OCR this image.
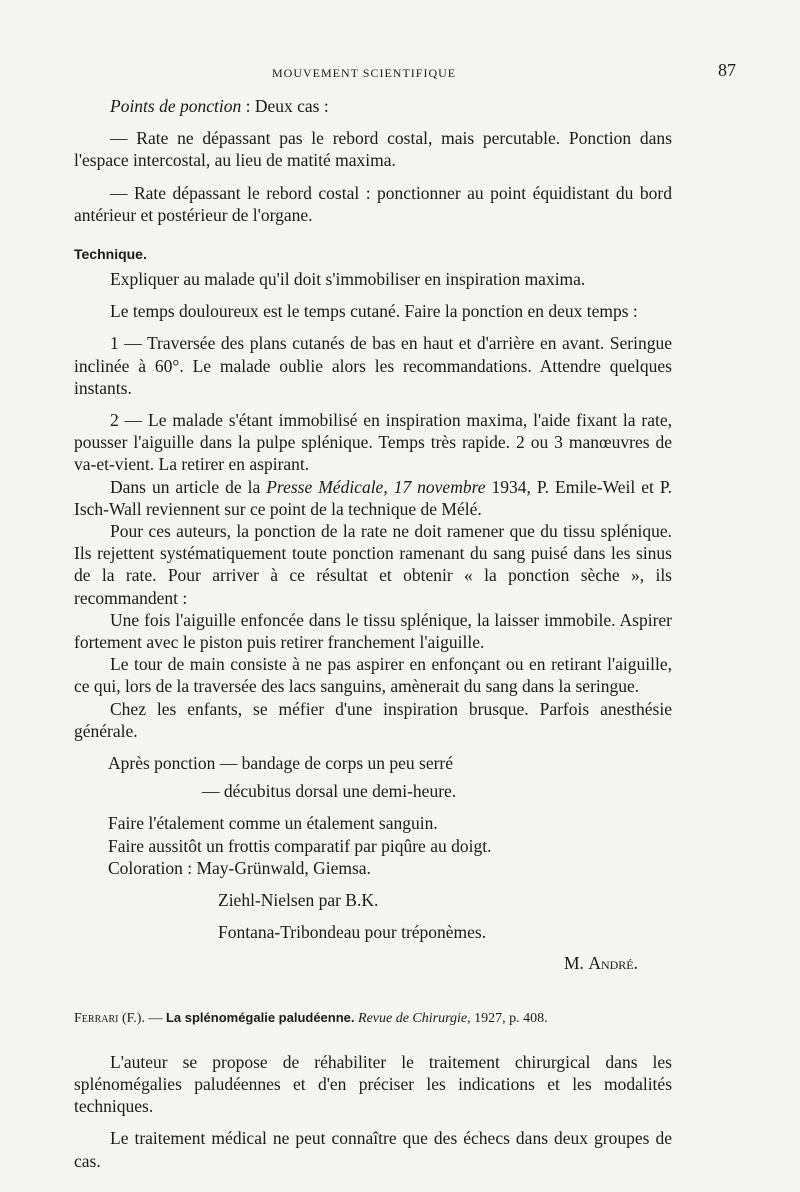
MOUVEMENT SCIENTIFIQUE	87

Points de ponction : Deux cas :

— Rate ne dépassant pas le rebord costal, mais percutable. Ponction dans l'espace intercostal, au lieu de matité maxima.

— Rate dépassant le rebord costal : ponctionner au point équidistant du bord antérieur et postérieur de l'organe.

Technique.

Expliquer au malade qu'il doit s'immobiliser en inspiration maxima.

Le temps douloureux est le temps cutané. Faire la ponction en deux temps :

1 — Traversée des plans cutanés de bas en haut et d'arrière en avant. Seringue inclinée à 60°. Le malade oublie alors les recommandations. Attendre quelques instants.

2 — Le malade s'étant immobilisé en inspiration maxima, l'aide fixant la rate, pousser l'aiguille dans la pulpe splénique. Temps très rapide. 2 ou 3 manœuvres de va-et-vient. La retirer en aspirant.

Dans un article de la Presse Médicale, 17 novembre 1934, P. Emile-Weil et P. Isch-Wall reviennent sur ce point de la technique de Mélé.

Pour ces auteurs, la ponction de la rate ne doit ramener que du tissu splénique. Ils rejettent systématiquement toute ponction ramenant du sang puisé dans les sinus de la rate. Pour arriver à ce résultat et obtenir « la ponction sèche », ils recommandent :

Une fois l'aiguille enfoncée dans le tissu splénique, la laisser immobile. Aspirer fortement avec le piston puis retirer franchement l'aiguille.

Le tour de main consiste à ne pas aspirer en enfonçant ou en retirant l'aiguille, ce qui, lors de la traversée des lacs sanguins, amènerait du sang dans la seringue.

Chez les enfants, se méfier d'une inspiration brusque. Parfois anesthésie générale.

Après ponction — bandage de corps un peu serré

— décubitus dorsal une demi-heure.

Faire l'étalement comme un étalement sanguin.

Faire aussitôt un frottis comparatif par piqûre au doigt.

Coloration : May-Grünwald, Giemsa.

Ziehl-Nielsen par B.K.

Fontana-Tribondeau pour tréponèmes.

M. André.

Ferrari (F.). — La splénomégalie paludéenne. Revue de Chirurgie, 1927, p. 408.

L'auteur se propose de réhabiliter le traitement chirurgical dans les splénomégalies paludéennes et d'en préciser les indications et les modalités techniques.

Le traitement médical ne peut connaître que des échecs dans deux groupes de cas.
